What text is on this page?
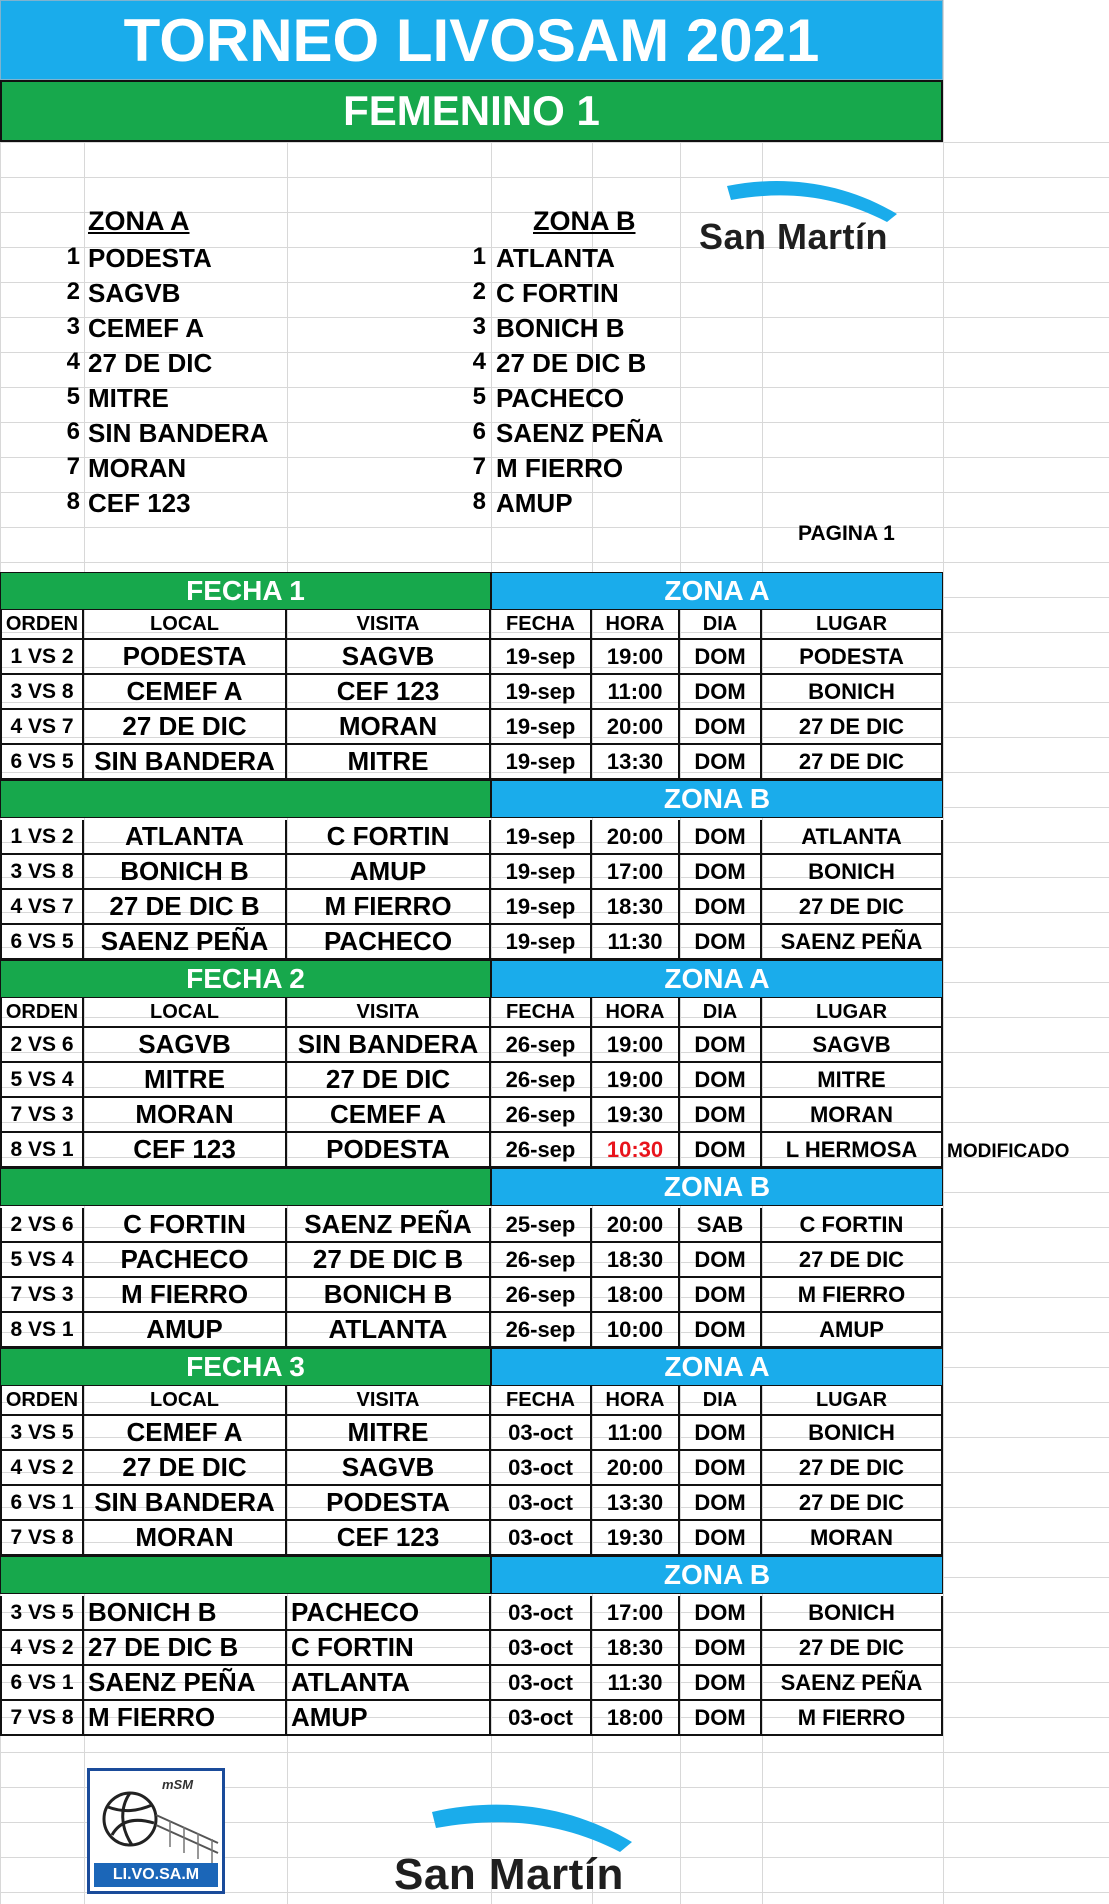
TORNEO LIVOSAM 2021
FEMENINO 1
ZONA A
1 PODESTA
2 SAGVB
3 CEMEF A
4 27 DE DIC
5 MITRE
6 SIN BANDERA
7 MORAN
8 CEF 123
ZONA B
1 ATLANTA
2 C FORTIN
3 BONICH B
4 27 DE DIC B
5 PACHECO
6 SAENZ PEÑA
7 M FIERRO
8 AMUP
San Martín
PAGINA 1
FECHA 1	ZONA A
ORDEN	LOCAL	VISITA	FECHA	HORA	DIA	LUGAR
1 VS 2	PODESTA	SAGVB	19-sep	19:00	DOM	PODESTA
3 VS 8	CEMEF A	CEF 123	19-sep	11:00	DOM	BONICH
4 VS 7	27 DE DIC	MORAN	19-sep	20:00	DOM	27 DE DIC
6 VS 5 SIN BANDERA	MITRE	19-sep	13:30	DOM	27 DE DIC
ZONA B
1 VS 2	ATLANTA	C FORTIN	19-sep	20:00	DOM	ATLANTA
3 VS 8	BONICH B	AMUP	19-sep	17:00	DOM	BONICH
4 VS 7	27 DE DIC B	M FIERRO	19-sep	18:30	DOM	27 DE DIC
6 VS 5	SAENZ PEÑA	PACHECO	19-sep	11:30	DOM	SAENZ PEÑA
FECHA 2	ZONA A
ORDEN	LOCAL	VISITA	FECHA	HORA	DIA	LUGAR
2 VS 6	SAGVB	SIN BANDERA	26-sep	19:00	DOM	SAGVB
5 VS 4	MITRE	27 DE DIC	26-sep	19:00	DOM	MITRE
7 VS 3	MORAN	CEMEF A	26-sep	19:30	DOM	MORAN
8 VS 1	CEF 123	PODESTA	26-sep	10:30	DOM	L HERMOSA
ZONA B
2 VS 6	C FORTIN	SAENZ PEÑA	25-sep	20:00	SAB	C FORTIN
5 VS 4	PACHECO	27 DE DIC B	26-sep	18:30	DOM	27 DE DIC
7 VS 3	M FIERRO	BONICH B	26-sep	18:00	DOM	M FIERRO
8 VS 1	AMUP	ATLANTA	26-sep	10:00	DOM	AMUP
FECHA 3	ZONA A
ORDEN	LOCAL	VISITA	FECHA	HORA	DIA	LUGAR
3 VS 5	CEMEF A	MITRE	03-oct	11:00	DOM	BONICH
4 VS 2	27 DE DIC	SAGVB	03-oct	20:00	DOM	27 DE DIC
6 VS 1 SIN BANDERA	PODESTA	03-oct	13:30	DOM	27 DE DIC
7 VS 8	MORAN	CEF 123	03-oct	19:30	DOM	MORAN
ZONA B
3 VS 5 BONICH B	PACHECO	03-oct	17:00	DOM	BONICH
4 VS 2 27 DE DIC B	C FORTIN	03-oct	18:30	DOM	27 DE DIC
6 VS 1 SAENZ PEÑA	ATLANTA	03-oct	11:30	DOM	SAENZ PEÑA
7 VS 8 M FIERRO	AMUP	03-oct	18:00	DOM	M FIERRO
mSM
LI.VO.SA.M	San Martín
MODIFICADO
